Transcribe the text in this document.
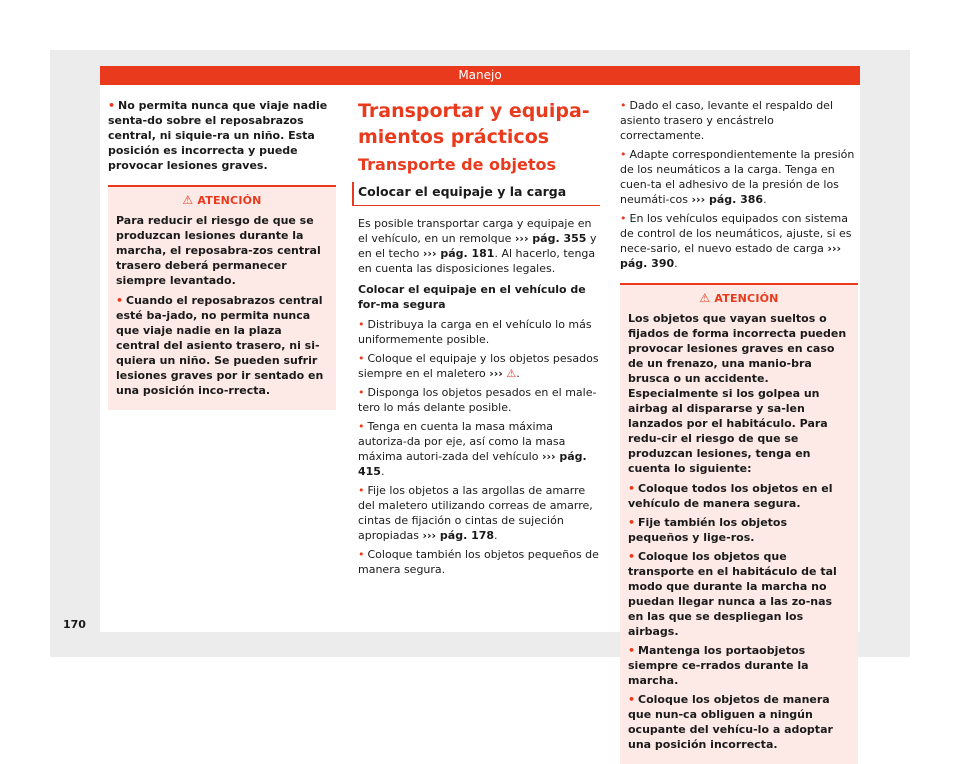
Manejo
• No permita nunca que viaje nadie senta-do sobre el reposabrazos central, ni siquie-ra un niño. Esta posición es incorrecta y puede provocar lesiones graves.
⚠ ATENCIÓN

Para reducir el riesgo de que se produzcan lesiones durante la marcha, el reposabra-zos central trasero deberá permanecer siempre levantado.

• Cuando el reposabrazos central esté ba-jado, no permita nunca que viaje nadie en la plaza central del asiento trasero, ni si-quiera un niño. Se pueden sufrir lesiones graves por ir sentado en una posición inco-rrecta.
Transportar y equipa-mientos prácticos
Transporte de objetos
Colocar el equipaje y la carga

Es posible transportar carga y equipaje en el vehículo, en un remolque ››› pág. 355 y en el techo ››› pág. 181. Al hacerlo, tenga en cuenta las disposiciones legales.

Colocar el equipaje en el vehículo de for-ma segura
• Distribuya la carga en el vehículo lo más uniformemente posible.
• Coloque el equipaje y los objetos pesados siempre en el maletero ››› ⚠.
• Disponga los objetos pesados en el male-tero lo más delante posible.
• Tenga en cuenta la masa máxima autoriza-da por eje, así como la masa máxima autori-zada del vehículo ››› pág. 415.
• Fije los objetos a las argollas de amarre del maletero utilizando correas de amarre, cintas de fijación o cintas de sujeción apropiadas ››› pág. 178.
• Coloque también los objetos pequeños de manera segura.
• Dado el caso, levante el respaldo del asiento trasero y encástrelo correctamente.
• Adapte correspondientemente la presión de los neumáticos a la carga. Tenga en cuen-ta el adhesivo de la presión de los neumáti-cos ››› pág. 386.
• En los vehículos equipados con sistema de control de los neumáticos, ajuste, si es nece-sario, el nuevo estado de carga ››› pág. 390.
⚠ ATENCIÓN

Los objetos que vayan sueltos o fijados de forma incorrecta pueden provocar lesiones graves en caso de un frenazo, una manio-bra brusca o un accidente. Especialmente si los golpea un airbag al dispararse y sa-len lanzados por el habitáculo. Para redu-cir el riesgo de que se produzcan lesiones, tenga en cuenta lo siguiente:

• Coloque todos los objetos en el vehículo de manera segura.
• Fije también los objetos pequeños y lige-ros.
• Coloque los objetos que transporte en el habitáculo de tal modo que durante la marcha no puedan llegar nunca a las zo-nas en las que se despliegan los airbags.
• Mantenga los portaobjetos siempre ce-rrados durante la marcha.
• Coloque los objetos de manera que nun-ca obliguen a ningún ocupante del vehícu-lo a adoptar una posición incorrecta.
170
